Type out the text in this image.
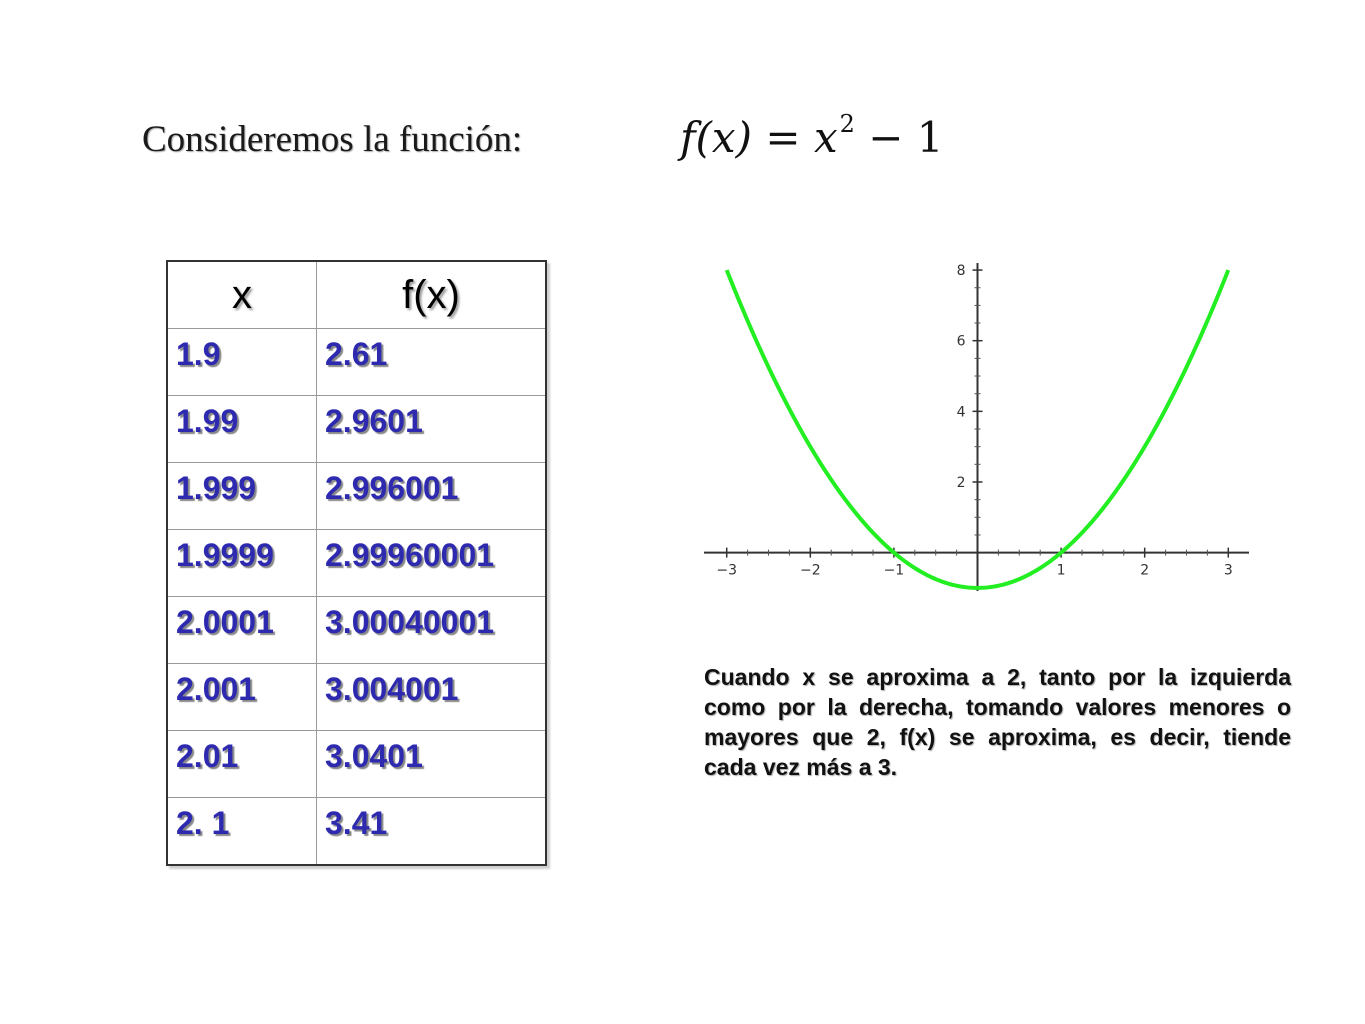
Consideremos la función:	$f(x) = x^2 - 1$
x	f(x)
1.9	2.61
1.99	2.9601
1.999	2.996001
1.9999	2.99960001
2.0001	3.00040001
2.001	3.004001
2.01	3.0401
2. 1	3.41
−3	−2	−1	1	2	3
2
4
6
8
Cuando x se aproxima a 2, tanto por la izquierda como por la derecha, tomando valores menores o mayores que 2, f(x) se aproxima, es decir, tiende cada vez más a 3.
